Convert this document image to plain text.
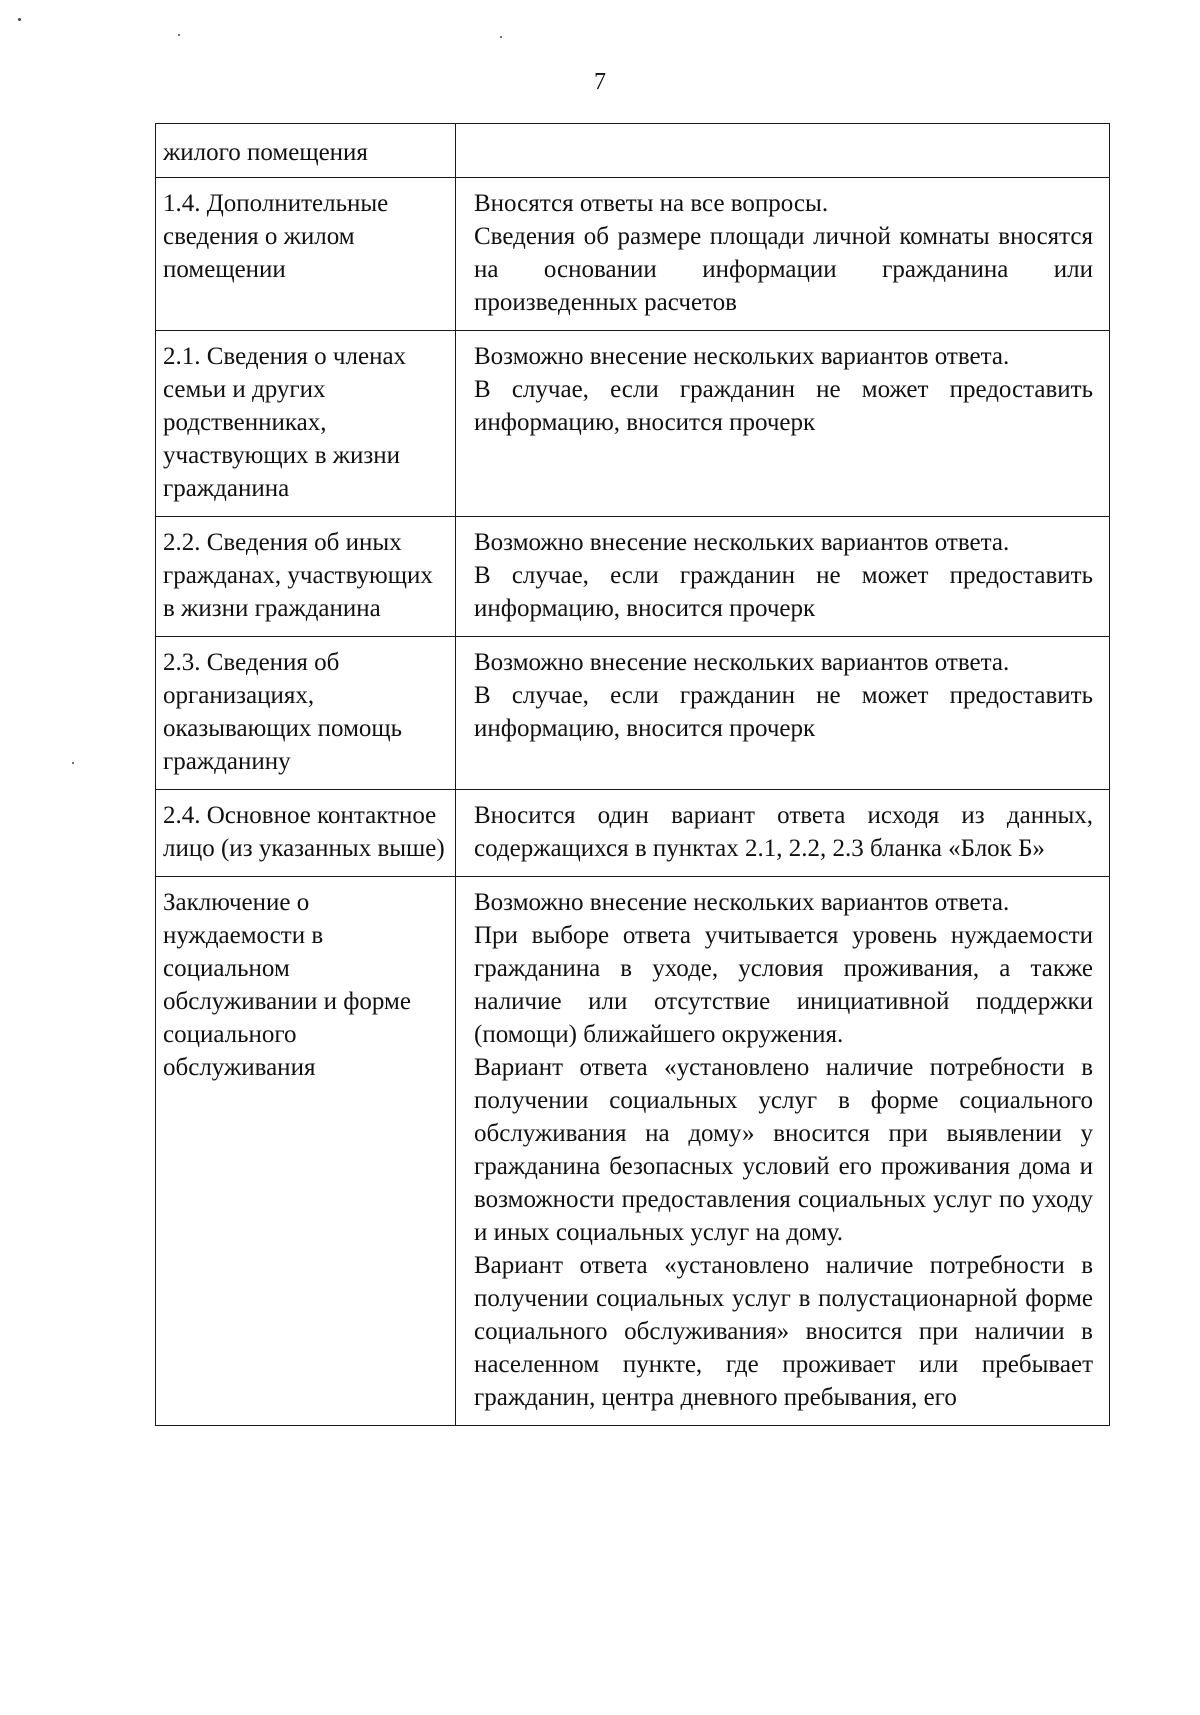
7
жилого помещения	
1.4. Дополнительные сведения о жилом помещении	Вносятся ответы на все вопросы.
Сведения об размере площади личной комнаты вносятся на основании информации гражданина или произведенных расчетов

2.1. Сведения о членах семьи и других родственниках, участвующих в жизни гражданина	Возможно внесение нескольких вариантов ответа.
В случае, если гражданин не может предоставить информацию, вносится прочерк

2.2. Сведения об иных гражданах, участвующих в жизни гражданина	Возможно внесение нескольких вариантов ответа.
В случае, если гражданин не может предоставить информацию, вносится прочерк

2.3. Сведения об организациях, оказывающих помощь гражданину	Возможно внесение нескольких вариантов ответа.
В случае, если гражданин не может предоставить информацию, вносится прочерк

2.4. Основное контактное лицо (из указанных выше)	Вносится один вариант ответа исходя из данных, содержащихся в пунктах 2.1, 2.2, 2.3 бланка «Блок Б»

Заключение о нуждаемости в социальном обслуживании и форме социального обслуживания	Возможно внесение нескольких вариантов ответа.
При выборе ответа учитывается уровень нуждаемости гражданина в уходе, условия проживания, а также наличие или отсутствие инициативной поддержки (помощи) ближайшего окружения.
Вариант ответа «установлено наличие потребности в получении социальных услуг в форме социального обслуживания на дому» вносится при выявлении у гражданина безопасных условий его проживания дома и возможности предоставления социальных услуг по уходу и иных социальных услуг на дому.
Вариант ответа «установлено наличие потребности в получении социальных услуг в полустационарной форме социального обслуживания» вносится при наличии в населенном пункте, где проживает или пребывает гражданин, центра дневного пребывания, его
